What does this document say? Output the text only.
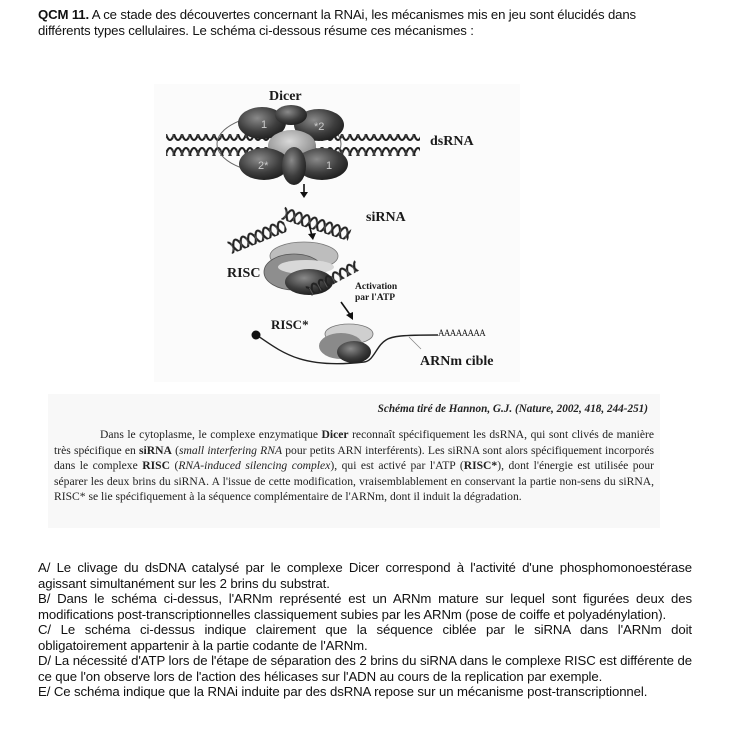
QCM 11. A ce stade des découvertes concernant la RNAi, les mécanismes mis en jeu sont élucidés dans différents types cellulaires. Le schéma ci-dessous résume ces mécanismes :
1	*2
2*	1
Dicer
dsRNA
siRNA
RISC
Activation
par l'ATP
RISC*
AAAAAAAA
ARNm cible
Schéma tiré de Hannon, G.J. (Nature, 2002, 418, 244-251)
Dans le cytoplasme, le complexe enzymatique Dicer reconnaît spécifiquement les dsRNA, qui sont clivés de manière très spécifique en siRNA (small interfering RNA pour petits ARN interférents). Les siRNA sont alors spécifiquement incorporés dans le complexe RISC (RNA-induced silencing complex), qui est activé par l'ATP (RISC*), dont l'énergie est utilisée pour séparer les deux brins du siRNA. A l'issue de cette modification, vraisemblablement en conservant la partie non-sens du siRNA, RISC* se lie spécifiquement à la séquence complémentaire de l'ARNm, dont il induit la dégradation.

A/ Le clivage du dsDNA catalysé par le complexe Dicer correspond à l'activité d'une phosphomonoestérase agissant simultanément sur les 2 brins du substrat.

B/ Dans le schéma ci-dessus, l'ARNm représenté est un ARNm mature sur lequel sont figurées deux des modifications post-transcriptionnelles classiquement subies par les ARNm (pose de coiffe et polyadénylation).

C/ Le schéma ci-dessus indique clairement que la séquence ciblée par le siRNA dans l'ARNm doit obligatoirement appartenir à la partie codante de l'ARNm.

D/ La nécessité d'ATP lors de l'étape de séparation des 2 brins du siRNA dans le complexe RISC est différente de ce que l'on observe lors de l'action des hélicases sur l'ADN au cours de la replication par exemple.

E/ Ce schéma indique que la RNAi induite par des dsRNA repose sur un mécanisme post-transcriptionnel.
